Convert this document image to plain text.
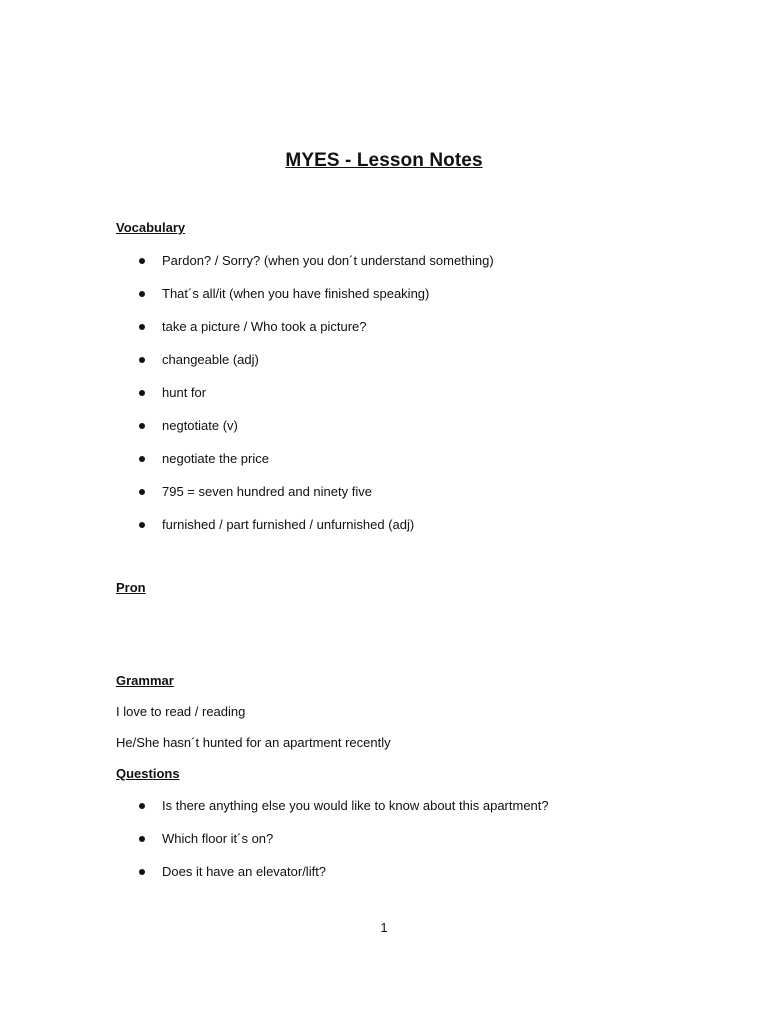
MYES - Lesson Notes
Vocabulary
Pardon? / Sorry? (when you don´t understand something)
That´s all/it (when you have finished speaking)
take a picture / Who took a picture?
changeable (adj)
hunt for
negtotiate (v)
negotiate the price
795 = seven hundred and ninety five
furnished / part furnished / unfurnished (adj)
Pron
Grammar
I love to read / reading
He/She hasn´t hunted for an apartment recently
Questions
Is there anything else you would like to know about this apartment?
Which floor it´s on?
Does it have an elevator/lift?
1
